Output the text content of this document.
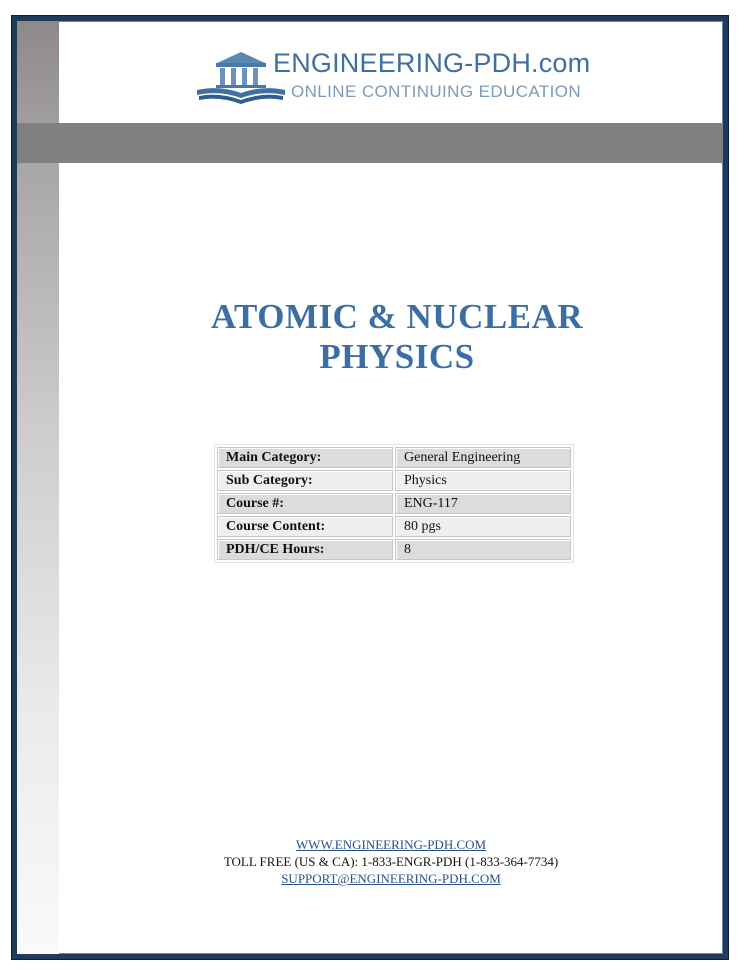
ENGINEERING-PDH.com
ONLINE CONTINUING EDUCATION
ATOMIC & NUCLEAR
PHYSICS
Main Category:	General Engineering
Sub Category:	Physics
Course #:	ENG-117
Course Content:	80 pgs
PDH/CE Hours:	8
WWW.ENGINEERING-PDH.COM
TOLL FREE (US & CA): 1-833-ENGR-PDH (1-833-364-7734)
SUPPORT@ENGINEERING-PDH.COM
